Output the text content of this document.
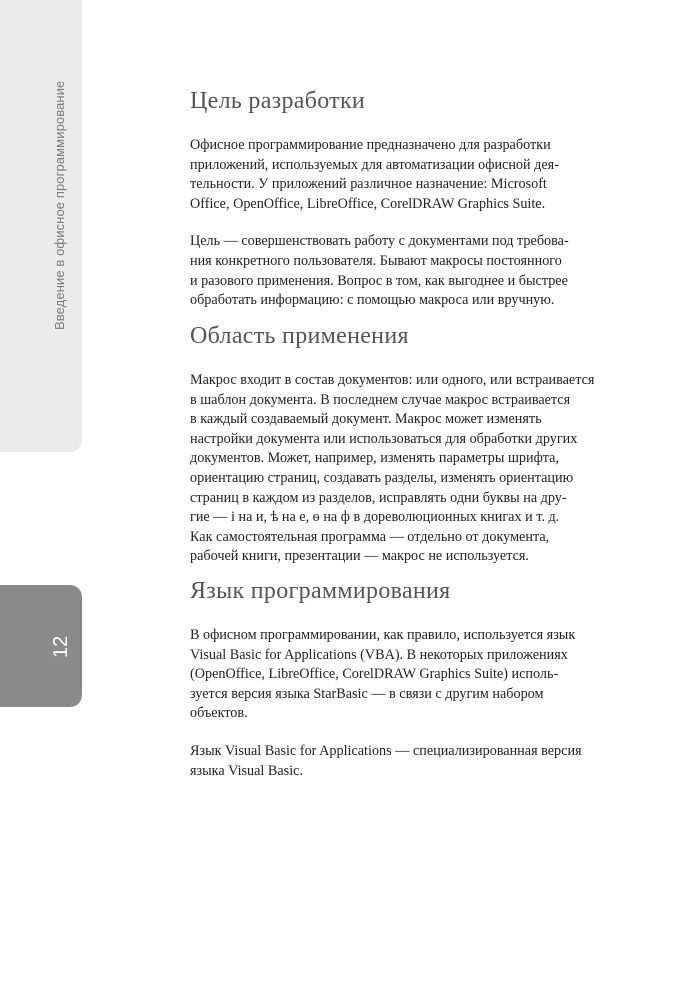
Введение в офисное программирование
12
Цель разработки

Офисное программирование предназначено для разработки
приложений, используемых для автоматизации офисной дея-
тельности. У приложений различное назначение: Microsoft
Office, OpenOffice, LibreOffice, CorelDRAW Graphics Suite.

Цель — совершенствовать работу с документами под требова-
ния конкретного пользователя. Бывают макросы постоянного
и разового применения. Вопрос в том, как выгоднее и быстрее
обработать информацию: с помощью макроса или вручную.

Область применения

Макрос входит в состав документов: или одного, или встраивается
в шаблон документа. В последнем случае макрос встраивается
в каждый создаваемый документ. Макрос может изменять
настройки документа или использоваться для обработки других
документов. Может, например, изменять параметры шрифта,
ориентацию страниц, создавать разделы, изменять ориентацию
страниц в каждом из разделов, исправлять одни буквы на дру-
гие — і на и, ѣ на е, ѳ на ф в дореволюционных книгах и т. д.
Как самостоятельная программа — отдельно от документа,
рабочей книги, презентации — макрос не используется.

Язык программирования

В офисном программировании, как правило, используется язык
Visual Basic for Applications (VBA). В некоторых приложениях
(OpenOffice, LibreOffice, CorelDRAW Graphics Suite) исполь-
зуется версия языка StarBasic — в связи с другим набором
объектов.

Язык Visual Basic for Applications — специализированная версия
языка Visual Basic.
